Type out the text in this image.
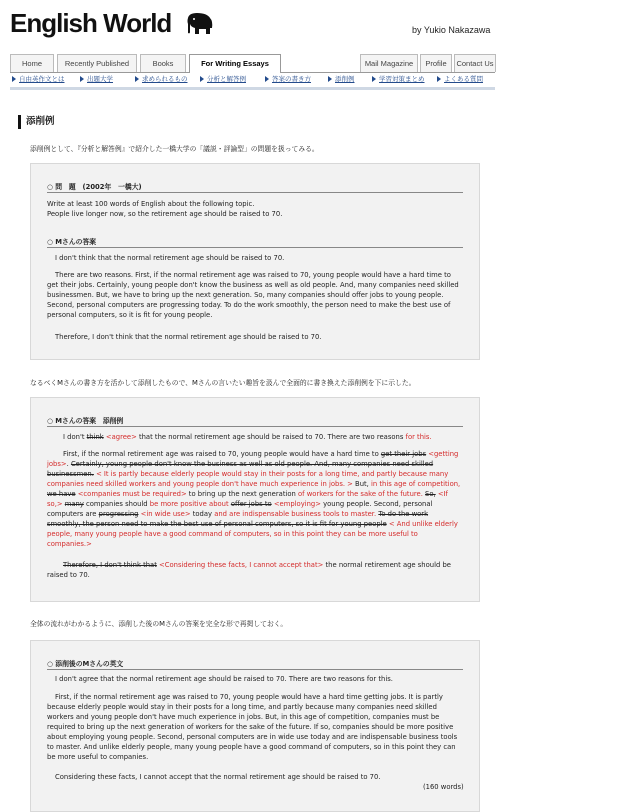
English World	by Yukio Nakazawa
Home	Recently Published	Books	For Writing Essays	Mail Magazine	Profile	Contact Us
自由英作文とは	出題大学	求められるもの	分析と解答例	答案の書き方	添削例	学習対策まとめ	よくある質問
添削例
添削例として、『分析と解答例』で紹介した一橋大学の「議説・評論型」の問題を扱ってみる。
○ 問　題　(2002年　一橋大)
Write at least 100 words of English about the following topic.
People live longer now, so the retirement age should be raised to 70.
○ Mさんの答案
I don't think that the normal retirement age should be raised to 70.
There are two reasons. First, if the normal retirement age was raised to 70, young people would have a hard time to get their jobs. Certainly, young people don't know the business as well as old people. And, many companies need skilled businessmen. But, we have to bring up the next generation. So, many companies should offer jobs to young people. Second, personal computers are progressing today. To do the work smoothly, the person need to make the best use of personal computers, so it is fit for young people.
Therefore, I don't think that the normal retirement age should be raised to 70.
なるべくMさんの書き方を活かして添削したもので、Mさんの言いたい趣旨を汲んで全面的に書き換えた添削例を下に示した。
○ Mさんの答案　添削例
I don't think <agree> that the normal retirement age should be raised to 70. There are two reasons for this.
First, if the normal retirement age was raised to 70, young people would have a hard time to get their jobs <getting jobs>. Certainly, young people don't know the business as well as old people. And, many companies need skilled businessmen. < It is partly because elderly people would stay in their posts for a long time, and partly because many companies need skilled workers and young people don't have much experience in jobs. > But, in this age of competition, we have <companies must be required> to bring up the next generation of workers for the sake of the future. So, <If so,> many companies should be more positive about offer jobs to <employing> young people. Second, personal computers are progressing <in wide use> today and are indispensable business tools to master. To do the work smoothly, the person need to make the best use of personal computers, so it is fit for young people < And unlike elderly people, many young people have a good command of computers, so in this point they can be more useful to companies.>
Therefore, I don't think that <Considering these facts, I cannot accept that> the normal retirement age should be raised to 70.
全体の流れがわかるように、添削した後のMさんの答案を完全な形で再掲しておく。
○ 添削後のMさんの英文
I don't agree that the normal retirement age should be raised to 70. There are two reasons for this.
First, if the normal retirement age was raised to 70, young people would have a hard time getting jobs. It is partly because elderly people would stay in their posts for a long time, and partly because many companies need skilled workers and young people don't have much experience in jobs. But, in this age of competition, companies must be required to bring up the next generation of workers for the sake of the future. If so, companies should be more positive about employing young people. Second, personal computers are in wide use today and are indispensable business tools to master. And unlike elderly people, many young people have a good command of computers, so in this point they can be more useful to companies.
Considering these facts, I cannot accept that the normal retirement age should be raised to 70.
(160 words)
